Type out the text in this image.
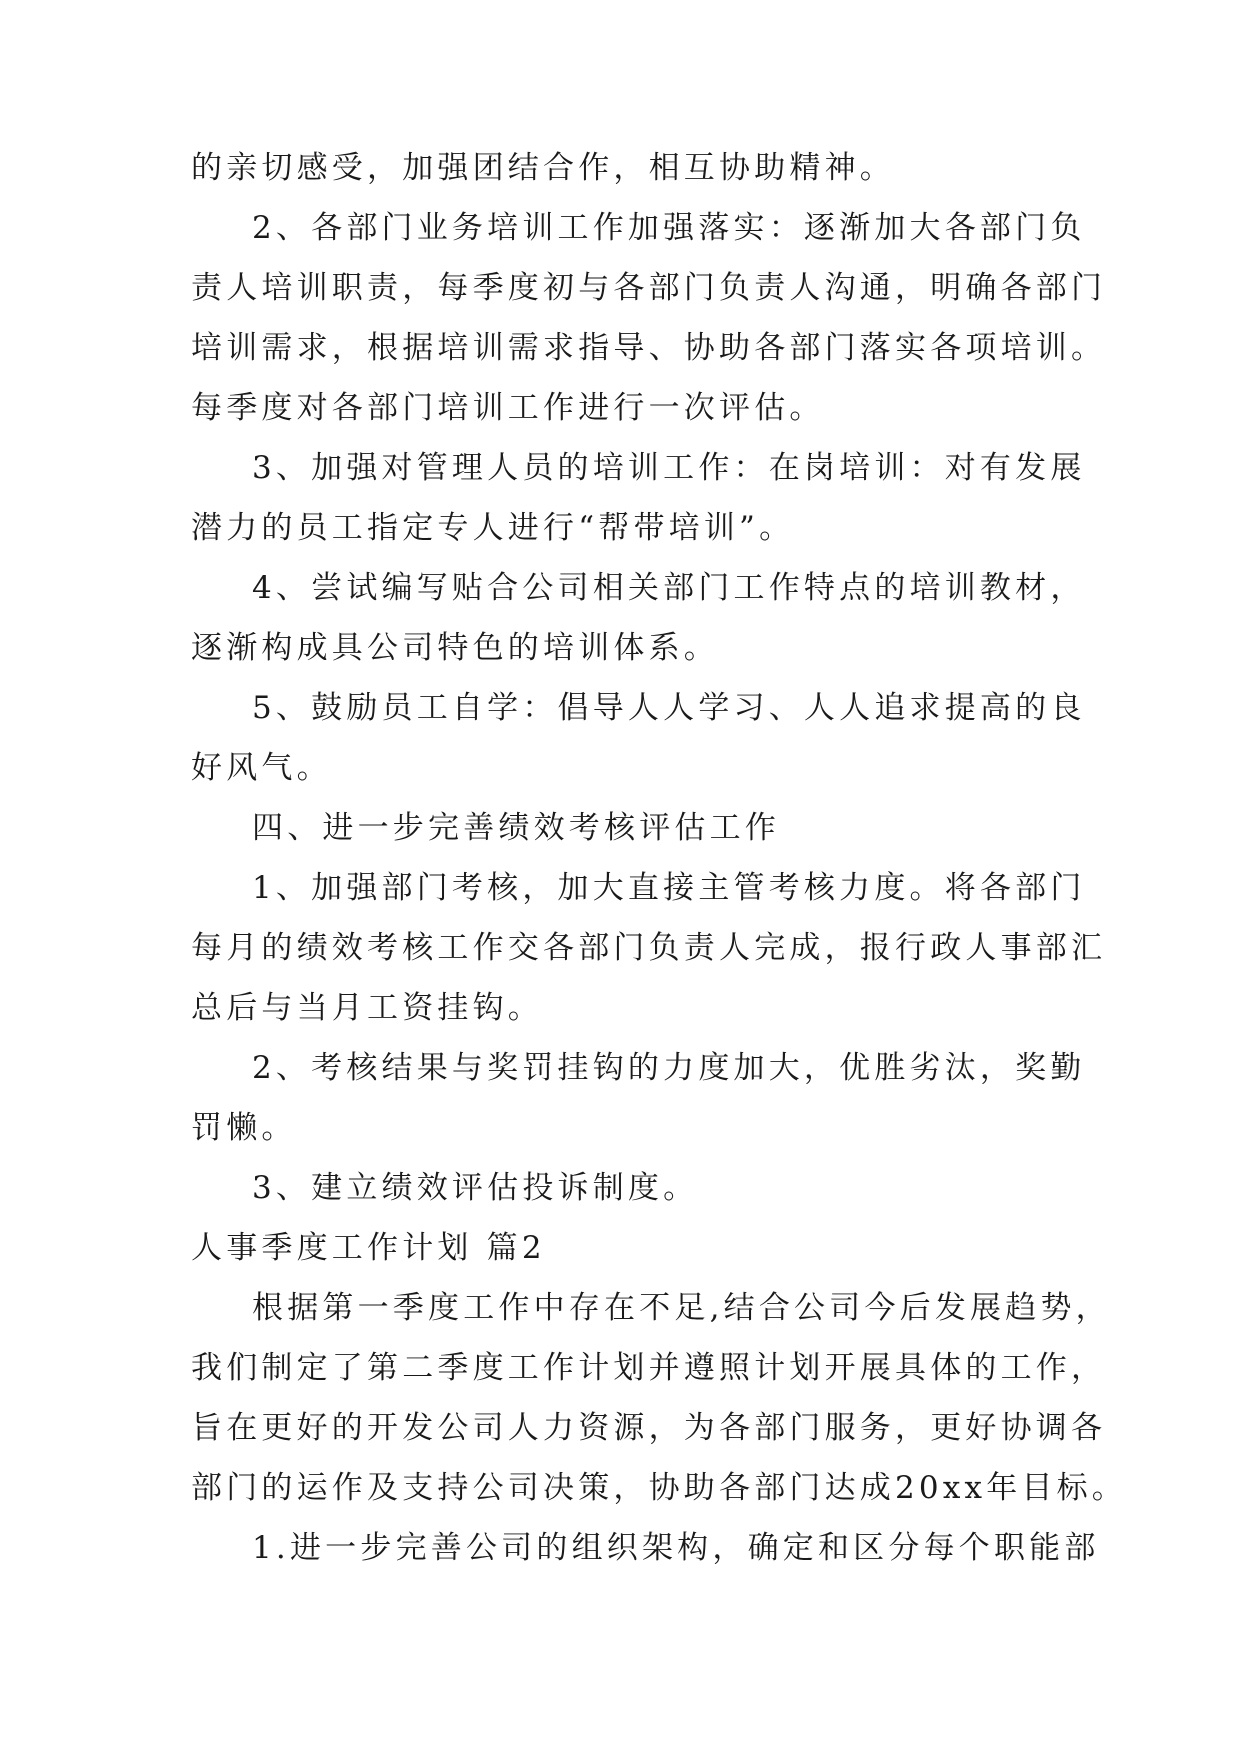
的亲切感受，加强团结合作，相互协助精神。
2、各部门业务培训工作加强落实：逐渐加大各部门负
责人培训职责，每季度初与各部门负责人沟通，明确各部门
培训需求，根据培训需求指导、协助各部门落实各项培训。
每季度对各部门培训工作进行一次评估。
3、加强对管理人员的培训工作：在岗培训：对有发展
潜力的员工指定专人进行“帮带培训”。
4、尝试编写贴合公司相关部门工作特点的培训教材，
逐渐构成具公司特色的培训体系。
5、鼓励员工自学：倡导人人学习、人人追求提高的良
好风气。
四、进一步完善绩效考核评估工作
1、加强部门考核，加大直接主管考核力度。将各部门
每月的绩效考核工作交各部门负责人完成，报行政人事部汇
总后与当月工资挂钩。
2、考核结果与奖罚挂钩的力度加大，优胜劣汰，奖勤
罚懒。
3、建立绩效评估投诉制度。
人事季度工作计划 篇2
根据第一季度工作中存在不足,结合公司今后发展趋势，
我们制定了第二季度工作计划并遵照计划开展具体的工作，
旨在更好的开发公司人力资源，为各部门服务，更好协调各
部门的运作及支持公司决策，协助各部门达成20xx年目标。
1.进一步完善公司的组织架构，确定和区分每个职能部
